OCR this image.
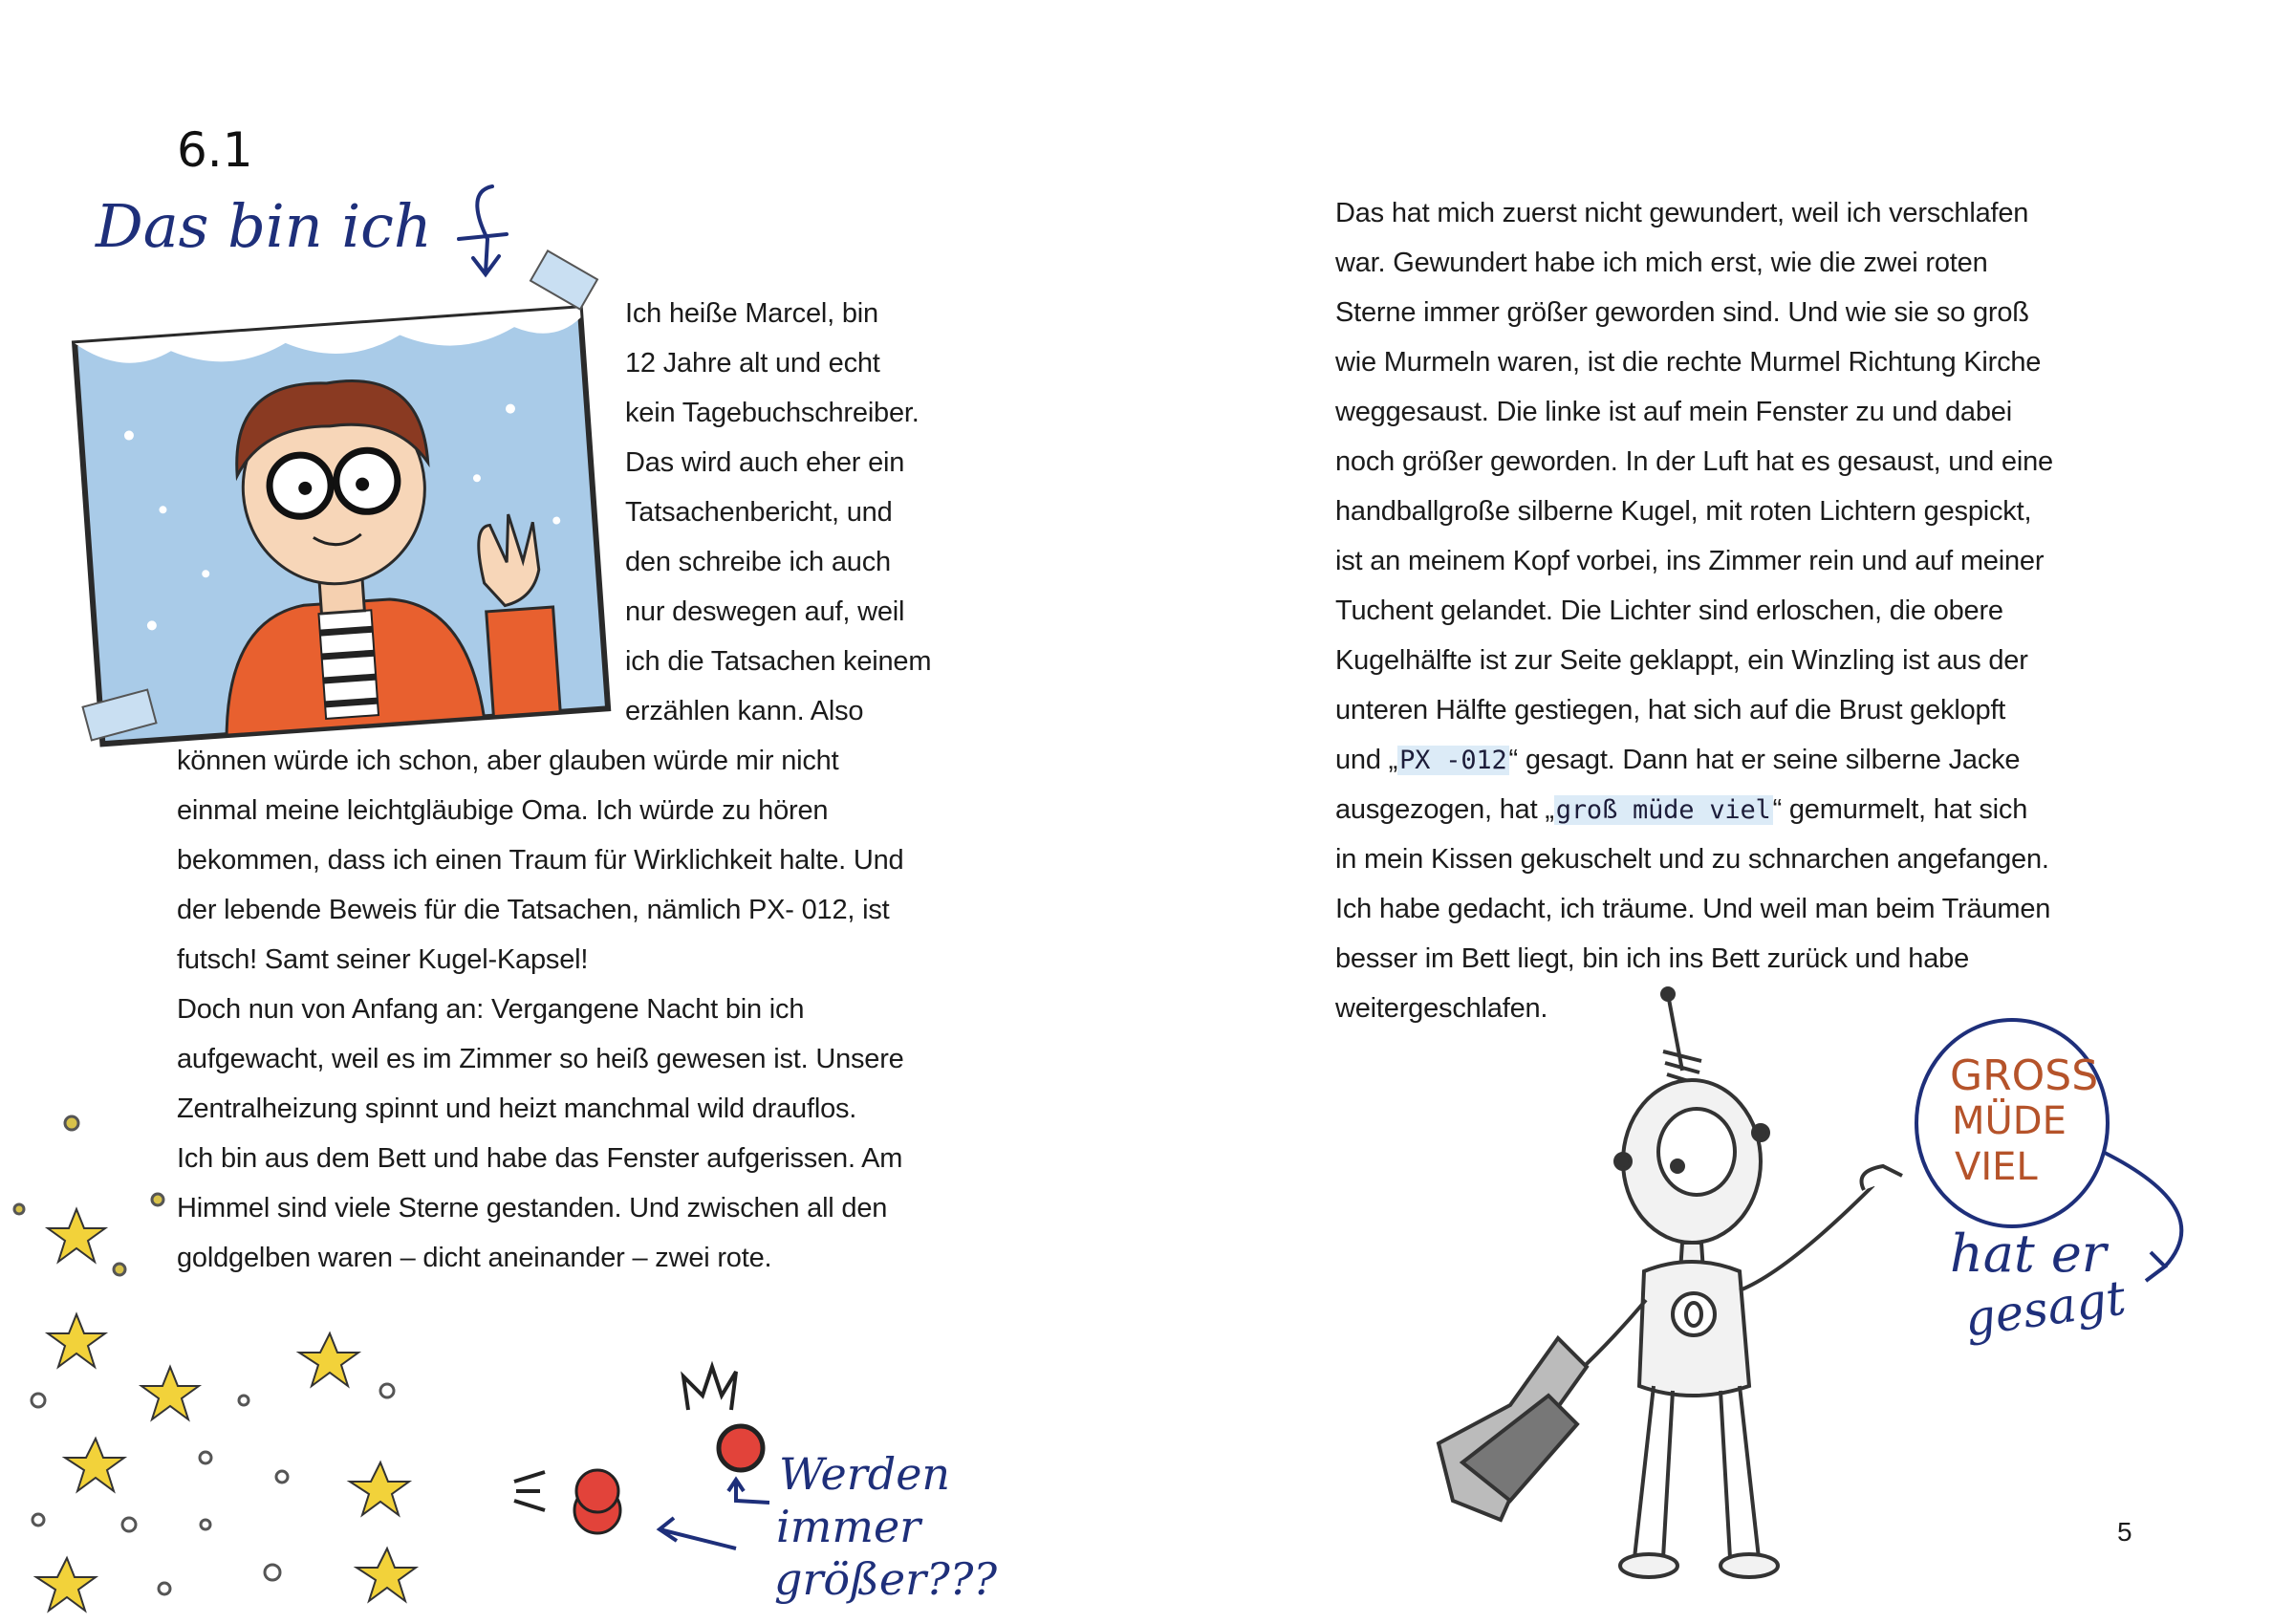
6.1
Das bin ich
Ich heiße Marcel, bin
12 Jahre alt und echt
kein Tagebuchschreiber.
Das wird auch eher ein
Tatsachenbericht, und
den schreibe ich auch
nur deswegen auf, weil
ich die Tatsachen keinem
erzählen kann. Also
können würde ich schon, aber glauben würde mir nicht
einmal meine leichtgläubige Oma. Ich würde zu hören
bekommen, dass ich einen Traum für Wirklichkeit halte. Und
der lebende Beweis für die Tatsachen, nämlich PX- 012, ist
futsch! Samt seiner Kugel-Kapsel!
Doch nun von Anfang an: Vergangene Nacht bin ich
aufgewacht, weil es im Zimmer so heiß gewesen ist. Unsere
Zentralheizung spinnt und heizt manchmal wild drauflos.
Ich bin aus dem Bett und habe das Fenster aufgerissen. Am
Himmel sind viele Sterne gestanden. Und zwischen all den
goldgelben waren – dicht aneinander – zwei rote.
Werden
immer
größer???
Das hat mich zuerst nicht gewundert, weil ich verschlafen
war. Gewundert habe ich mich erst, wie die zwei roten
Sterne immer größer geworden sind. Und wie sie so groß
wie Murmeln waren, ist die rechte Murmel Richtung Kirche
weggesaust. Die linke ist auf mein Fenster zu und dabei
noch größer geworden. In der Luft hat es gesaust, und eine
handballgroße silberne Kugel, mit roten Lichtern gespickt,
ist an meinem Kopf vorbei, ins Zimmer rein und auf meiner
Tuchent gelandet. Die Lichter sind erloschen, die obere
Kugelhälfte ist zur Seite geklappt, ein Winzling ist aus der
unteren Hälfte gestiegen, hat sich auf die Brust geklopft
und „PX -012“ gesagt. Dann hat er seine silberne Jacke
ausgezogen, hat „groß müde viel“ gemurmelt, hat sich
in mein Kissen gekuschelt und zu schnarchen angefangen.
Ich habe gedacht, ich träume. Und weil man beim Träumen
besser im Bett liegt, bin ich ins Bett zurück und habe
weitergeschlafen.
GROSS
MÜDE
VIEL
hat er
gesagt
5
